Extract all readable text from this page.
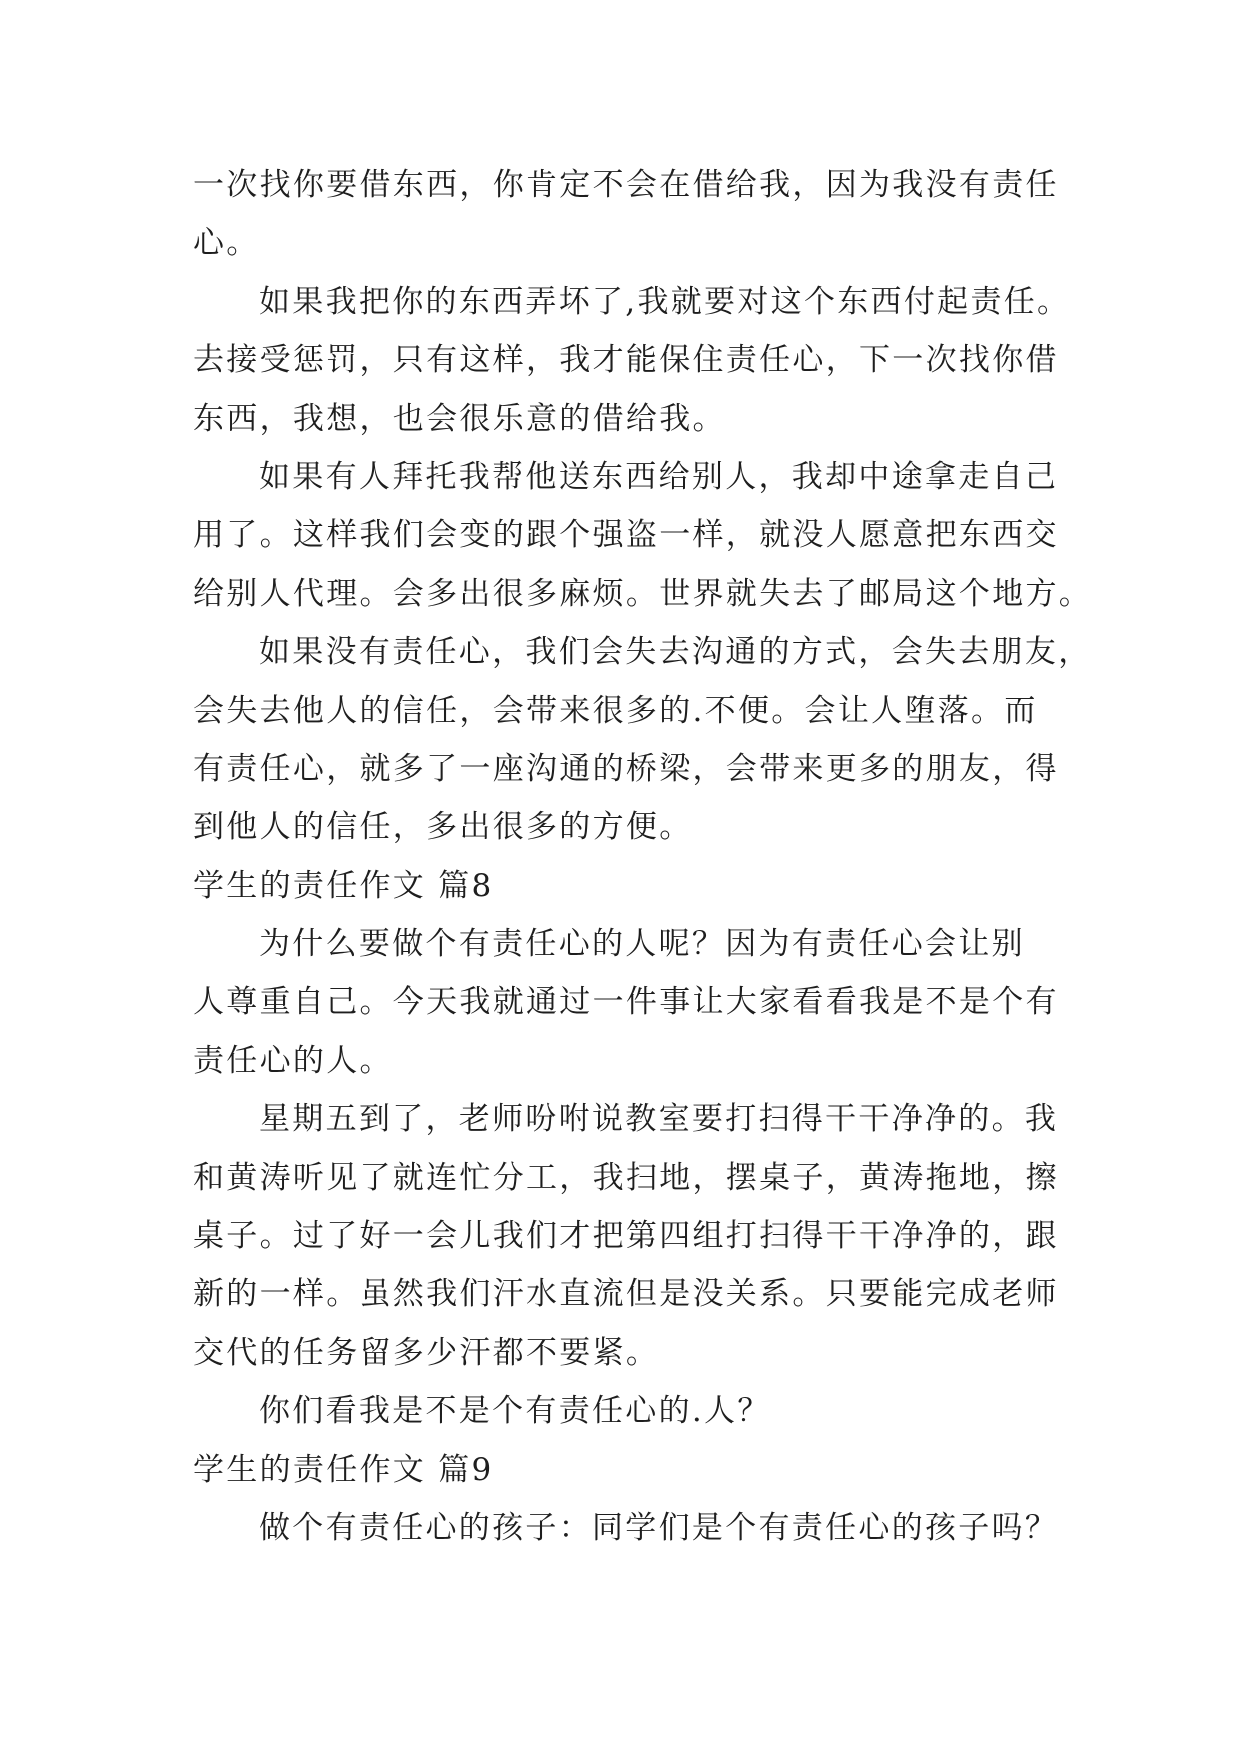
一次找你要借东西，你肯定不会在借给我，因为我没有责任
心。
如果我把你的东西弄坏了,我就要对这个东西付起责任。
去接受惩罚，只有这样，我才能保住责任心，下一次找你借
东西，我想，也会很乐意的借给我。
如果有人拜托我帮他送东西给别人，我却中途拿走自己
用了。这样我们会变的跟个强盗一样，就没人愿意把东西交
给别人代理。会多出很多麻烦。世界就失去了邮局这个地方。
如果没有责任心，我们会失去沟通的方式，会失去朋友，
会失去他人的信任，会带来很多的.不便。会让人堕落。而
有责任心，就多了一座沟通的桥梁，会带来更多的朋友，得
到他人的信任，多出很多的方便。
学生的责任作文 篇8
为什么要做个有责任心的人呢？因为有责任心会让别
人尊重自己。今天我就通过一件事让大家看看我是不是个有
责任心的人。
星期五到了，老师吩咐说教室要打扫得干干净净的。我
和黄涛听见了就连忙分工，我扫地，摆桌子，黄涛拖地，擦
桌子。过了好一会儿我们才把第四组打扫得干干净净的，跟
新的一样。虽然我们汗水直流但是没关系。只要能完成老师
交代的任务留多少汗都不要紧。
你们看我是不是个有责任心的.人？
学生的责任作文 篇9
做个有责任心的孩子：同学们是个有责任心的孩子吗？
